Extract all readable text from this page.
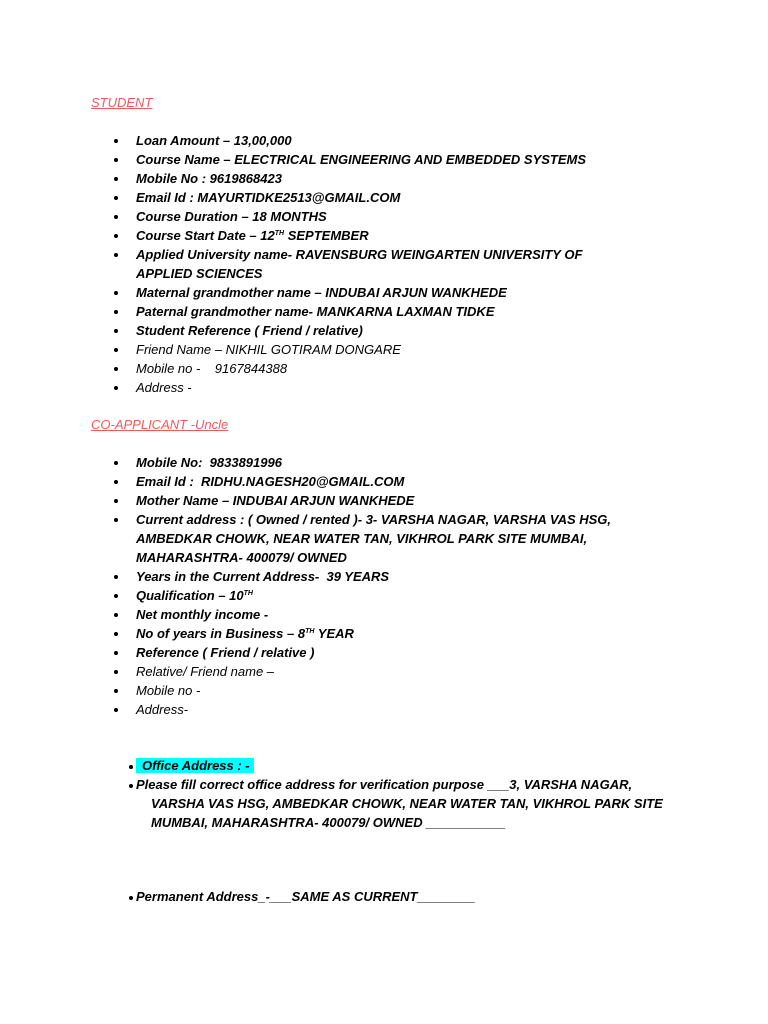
STUDENT
Loan Amount – 13,00,000
Course Name – ELECTRICAL ENGINEERING AND EMBEDDED SYSTEMS
Mobile No : 9619868423
Email Id : MAYURTIDKE2513@GMAIL.COM
Course Duration – 18 MONTHS
Course Start Date – 12TH SEPTEMBER
Applied University name- RAVENSBURG WEINGARTEN UNIVERSITY OF APPLIED SCIENCES
Maternal grandmother name – INDUBAI ARJUN WANKHEDE
Paternal grandmother name- MANKARNA LAXMAN TIDKE
Student Reference ( Friend / relative)
Friend Name – NIKHIL GOTIRAM DONGARE
Mobile no -    9167844388
Address -
CO-APPLICANT -Uncle
Mobile No:  9833891996
Email Id :  RIDHU.NAGESH20@GMAIL.COM
Mother Name – INDUBAI ARJUN WANKHEDE
Current address : ( Owned / rented )- 3- VARSHA NAGAR, VARSHA VAS HSG, AMBEDKAR CHOWK, NEAR WATER TAN, VIKHROL PARK SITE MUMBAI, MAHARASHTRA- 400079/ OWNED
Years in the Current Address-  39 YEARS
Qualification – 10TH
Net monthly income -
No of years in Business – 8TH YEAR
Reference ( Friend / relative )
Relative/ Friend name –
Mobile no -
Address-
Office Address : -
Please fill correct office address for verification purpose ___3, VARSHA NAGAR,
VARSHA VAS HSG, AMBEDKAR CHOWK, NEAR WATER TAN, VIKHROL PARK SITE
MUMBAI, MAHARASHTRA- 400079/ OWNED ___________
Permanent Address_-___SAME AS CURRENT________
